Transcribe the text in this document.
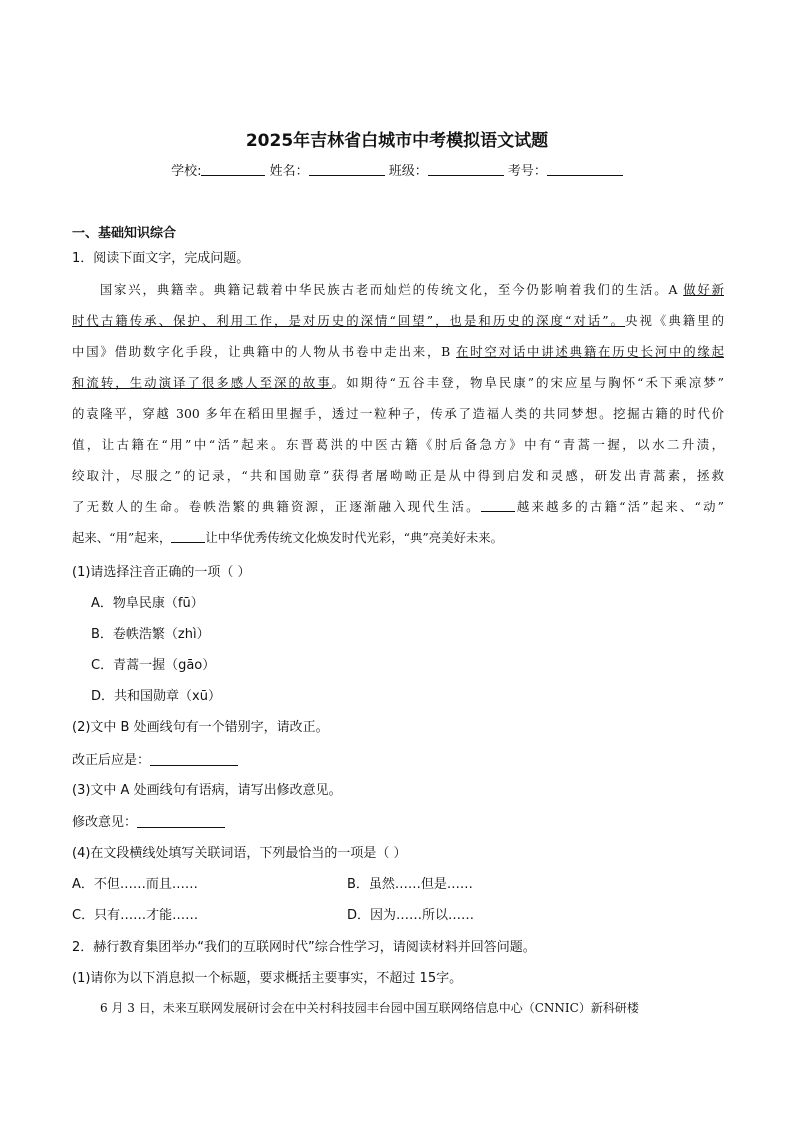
2025年吉林省白城市中考模拟语文试题
学校:	姓名：	班级：	考号：
一、基础知识综合
1．阅读下面文字，完成问题。

国家兴，典籍幸。典籍记载着中华民族古老而灿烂的传统文化，至今仍影响着我们的生活。A 做好新

时代古籍传承、保护、利用工作，是对历史的深情“回望”，也是和历史的深度“对话”。央视《典籍里的

中国》借助数字化手段，让典籍中的人物从书卷中走出来，B 在时空对话中讲述典籍在历史长河中的缘起

和流转，生动演译了很多感人至深的故事。如期待“五谷丰登，物阜民康”的宋应星与胸怀“禾下乘凉梦”

的袁隆平，穿越 300 多年在稻田里握手，透过一粒种子，传承了造福人类的共同梦想。挖掘古籍的时代价

值，让古籍在“用”中“活”起来。东晋葛洪的中医古籍《肘后备急方》中有“青蒿一握，以水二升渍，

绞取汁，尽服之”的记录，“共和国勋章”获得者屠呦呦正是从中得到启发和灵感，研发出青蒿素，拯救

了无数人的生命。卷帙浩繁的典籍资源，正逐渐融入现代生活。	越来越多的古籍“活”起来、“动”

起来、“用”起来，	让中华优秀传统文化焕发时代光彩，“典”亮美好未来。

(1)请选择注音正确的一项（ ）
A．物阜民康（fū）
B．卷帙浩繁（zhì）
C．青蒿一握（gāo）
D．共和国勋章（xū）
(2)文中 B 处画线句有一个错别字，请改正。
改正后应是：
(3)文中 A 处画线句有语病，请写出修改意见。
修改意见：
(4)在文段横线处填写关联词语，下列最恰当的一项是（ ）
A．不但……而且……	B．虽然……但是……
C．只有……才能……	D．因为……所以……
2．赫行教育集团举办“我们的互联网时代”综合性学习，请阅读材料并回答问题。
(1)请你为以下消息拟一个标题，要求概括主要事实，不超过 15字。
6 月 3 日，未来互联网发展研讨会在中关村科技园丰台园中国互联网络信息中心（CNNIC）新科研楼
